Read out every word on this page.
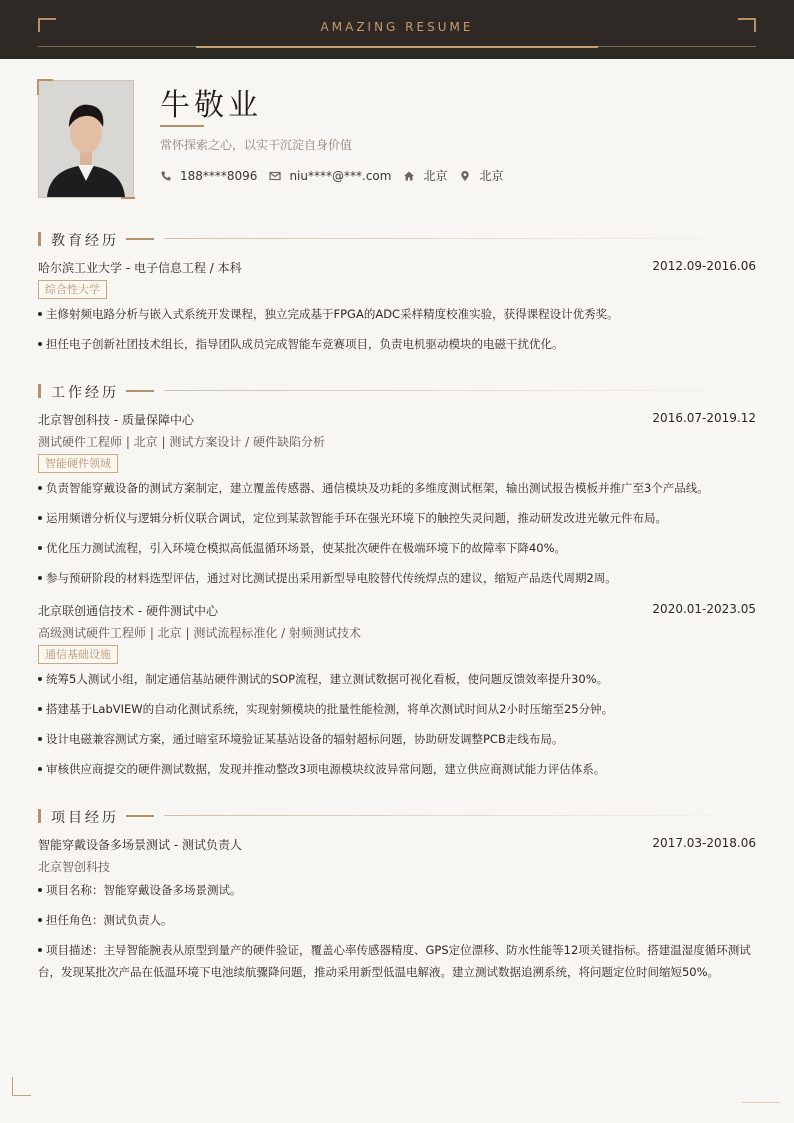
AMAZING RESUME
牛敬业
常怀探索之心，以实干沉淀自身价值
188****8096	niu****@***.com	北京	北京
教育经历
哈尔滨工业大学 - 电子信息工程 / 本科	2012.09-2016.06
综合性大学
主修射频电路分析与嵌入式系统开发课程，独立完成基于FPGA的ADC采样精度校准实验，获得课程设计优秀奖。
担任电子创新社团技术组长，指导团队成员完成智能车竞赛项目，负责电机驱动模块的电磁干扰优化。
工作经历
北京智创科技 - 质量保障中心	2016.07-2019.12
测试硬件工程师 | 北京 | 测试方案设计 / 硬件缺陷分析
智能硬件领域
负责智能穿戴设备的测试方案制定，建立覆盖传感器、通信模块及功耗的多维度测试框架，输出测试报告模板并推广至3个产品线。
运用频谱分析仪与逻辑分析仪联合调试，定位到某款智能手环在强光环境下的触控失灵问题，推动研发改进光敏元件布局。
优化压力测试流程，引入环境仓模拟高低温循环场景，使某批次硬件在极端环境下的故障率下降40%。
参与预研阶段的材料选型评估，通过对比测试提出采用新型导电胶替代传统焊点的建议，缩短产品迭代周期2周。
北京联创通信技术 - 硬件测试中心	2020.01-2023.05
高级测试硬件工程师 | 北京 | 测试流程标准化 / 射频测试技术
通信基础设施
统筹5人测试小组，制定通信基站硬件测试的SOP流程，建立测试数据可视化看板，使问题反馈效率提升30%。
搭建基于LabVIEW的自动化测试系统，实现射频模块的批量性能检测，将单次测试时间从2小时压缩至25分钟。
设计电磁兼容测试方案，通过暗室环境验证某基站设备的辐射超标问题，协助研发调整PCB走线布局。
审核供应商提交的硬件测试数据，发现并推动整改3项电源模块纹波异常问题，建立供应商测试能力评估体系。
项目经历
智能穿戴设备多场景测试 - 测试负责人	2017.03-2018.06
北京智创科技
项目名称：智能穿戴设备多场景测试。
担任角色：测试负责人。
项目描述：主导智能腕表从原型到量产的硬件验证，覆盖心率传感器精度、GPS定位漂移、防水性能等12项关键指标。搭建温湿度循环测试台，发现某批次产品在低温环境下电池续航骤降问题，推动采用新型低温电解液。建立测试数据追溯系统，将问题定位时间缩短50%。
